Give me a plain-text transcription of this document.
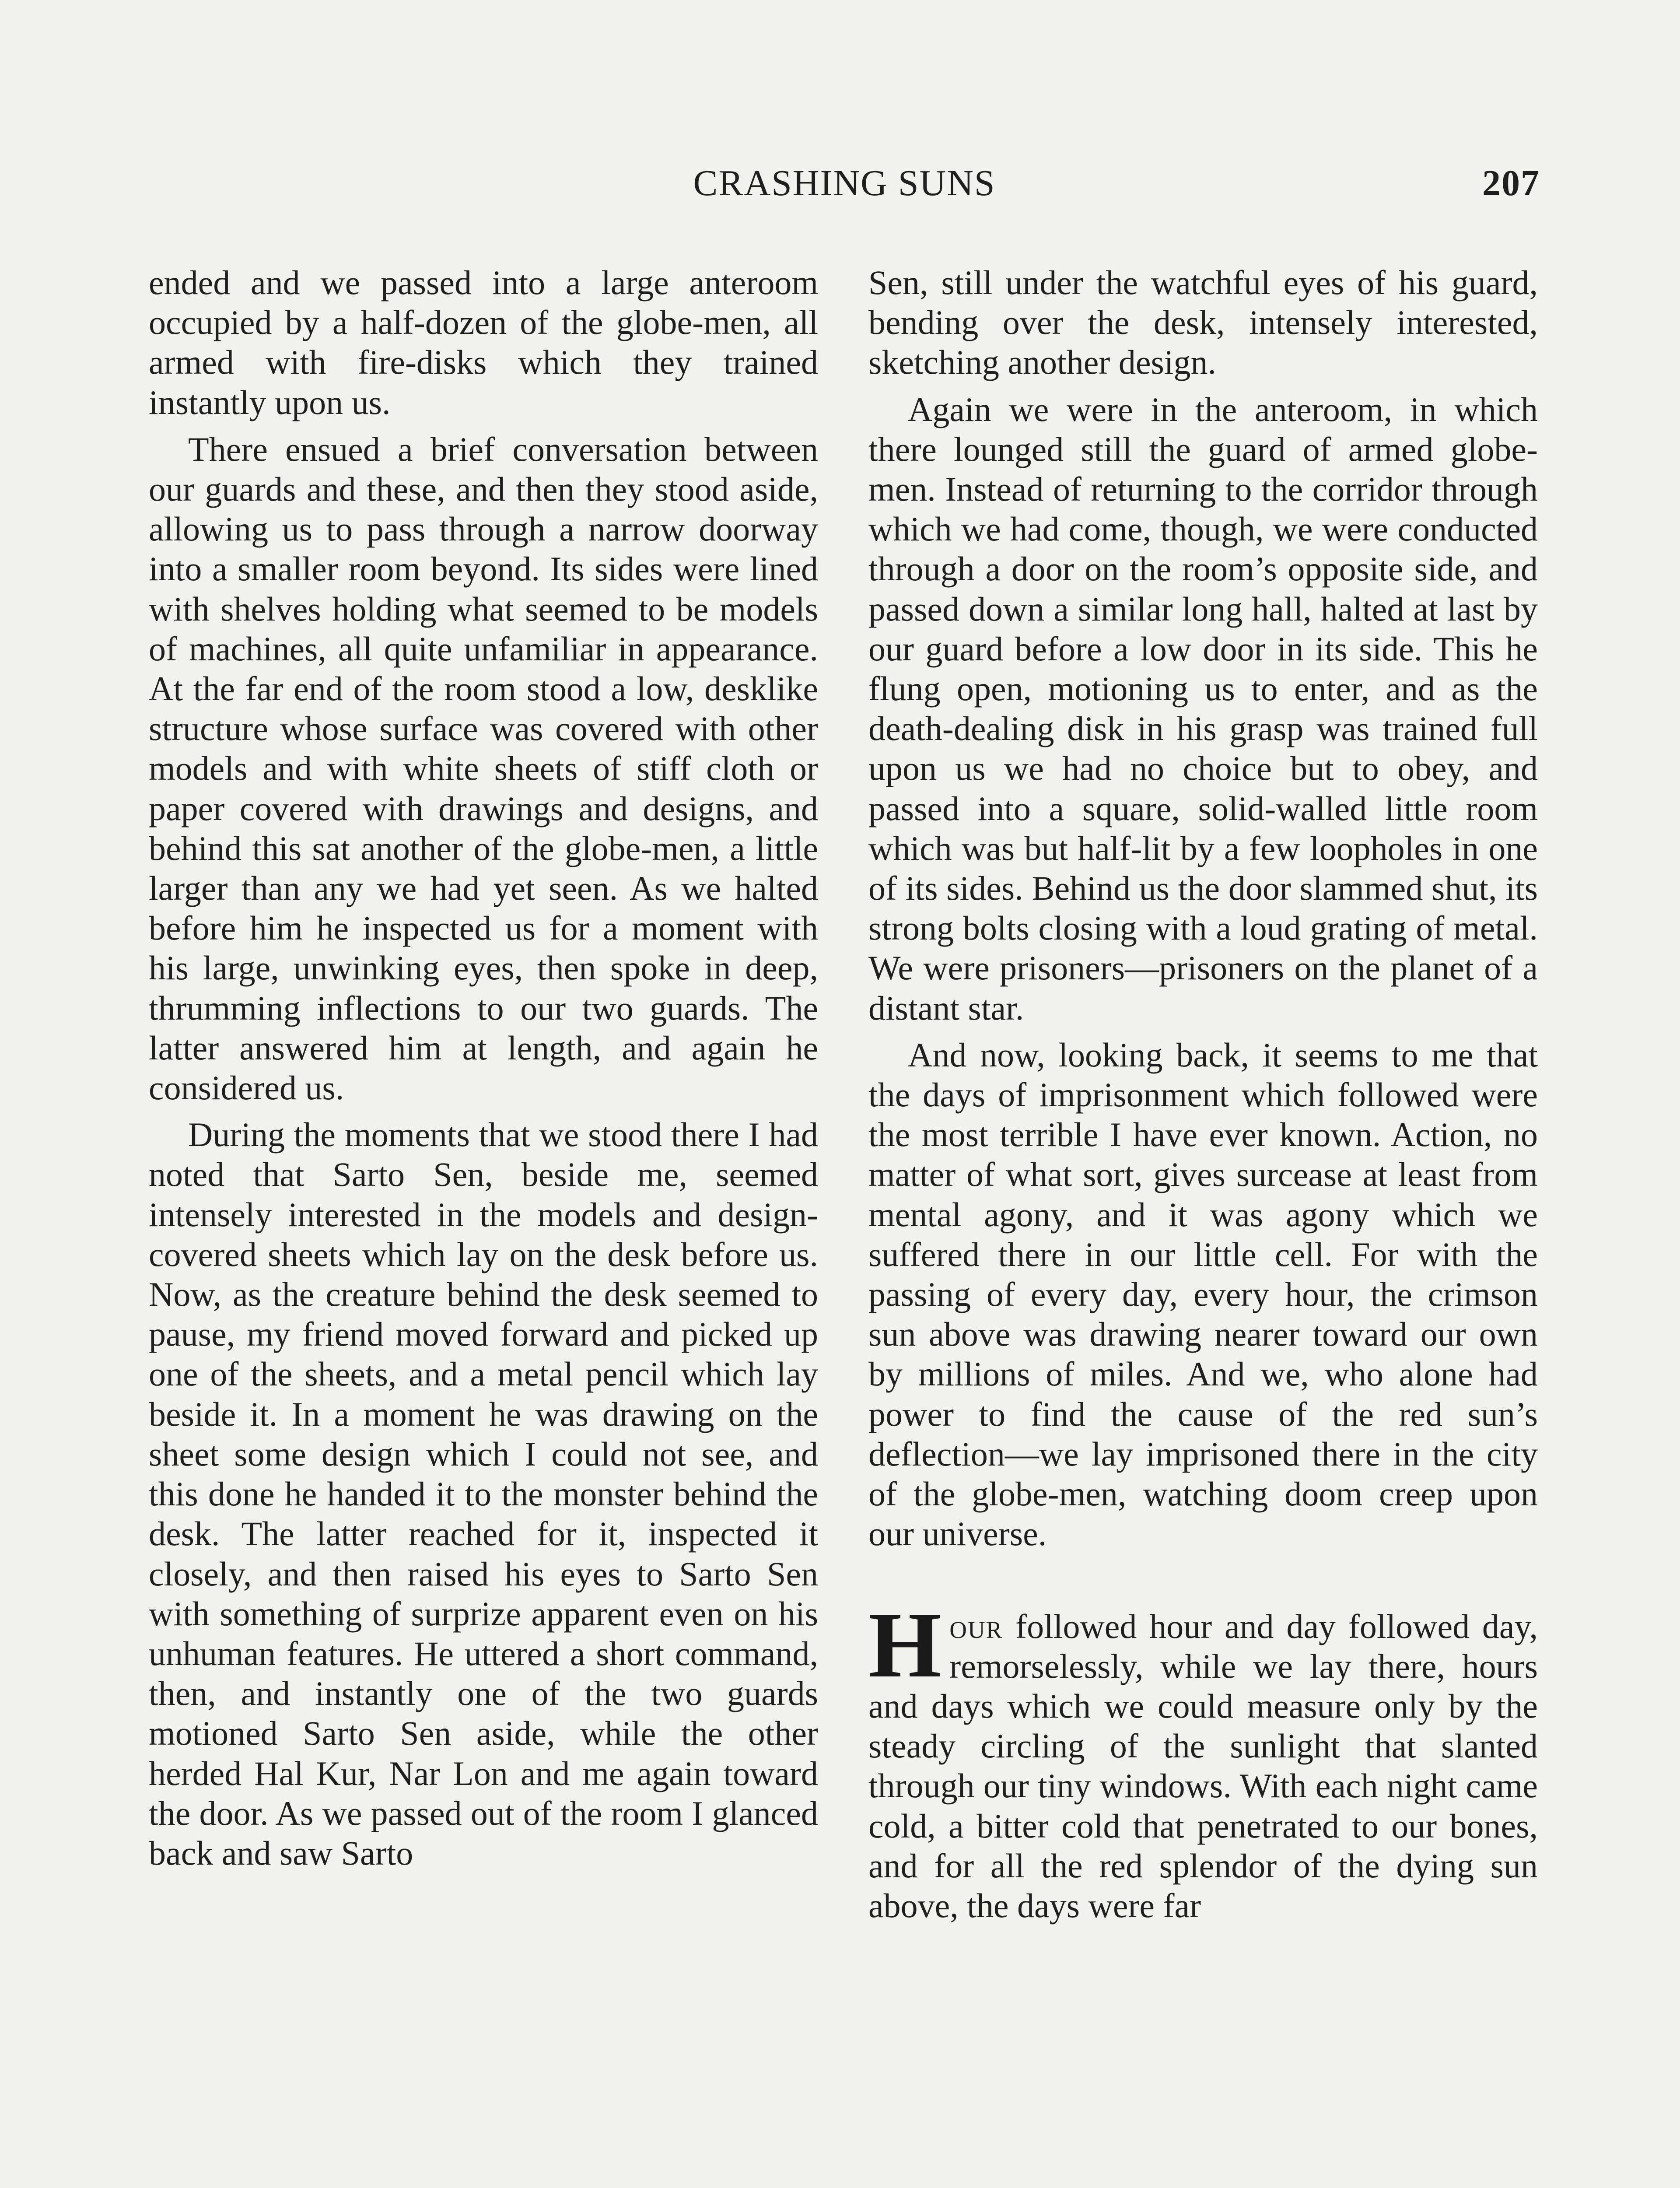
CRASHING SUNS	207

ended and we passed into a large anteroom occupied by a half-dozen of the globe-men, all armed with fire-disks which they trained instantly upon us.

There ensued a brief conversation between our guards and these, and then they stood aside, allowing us to pass through a narrow doorway into a smaller room beyond. Its sides were lined with shelves holding what seemed to be models of machines, all quite unfamiliar in appearance. At the far end of the room stood a low, desklike structure whose surface was covered with other models and with white sheets of stiff cloth or paper covered with drawings and designs, and behind this sat another of the globe-men, a little larger than any we had yet seen. As we halted before him he inspected us for a moment with his large, unwinking eyes, then spoke in deep, thrumming inflections to our two guards. The latter answered him at length, and again he considered us.

During the moments that we stood there I had noted that Sarto Sen, beside me, seemed intensely interested in the models and design-covered sheets which lay on the desk before us. Now, as the creature behind the desk seemed to pause, my friend moved forward and picked up one of the sheets, and a metal pencil which lay beside it. In a moment he was drawing on the sheet some design which I could not see, and this done he handed it to the monster behind the desk. The latter reached for it, inspected it closely, and then raised his eyes to Sarto Sen with something of surprize apparent even on his unhuman features. He uttered a short command, then, and instantly one of the two guards motioned Sarto Sen aside, while the other herded Hal Kur, Nar Lon and me again toward the door. As we passed out of the room I glanced back and saw Sarto

Sen, still under the watchful eyes of his guard, bending over the desk, intensely interested, sketching another design.

Again we were in the anteroom, in which there lounged still the guard of armed globe-men. Instead of returning to the corridor through which we had come, though, we were conducted through a door on the room’s opposite side, and passed down a similar long hall, halted at last by our guard before a low door in its side. This he flung open, motioning us to enter, and as the death-dealing disk in his grasp was trained full upon us we had no choice but to obey, and passed into a square, solid-walled little room which was but half-lit by a few loopholes in one of its sides. Behind us the door slammed shut, its strong bolts closing with a loud grating of metal. We were prisoners—prisoners on the planet of a distant star.

And now, looking back, it seems to me that the days of imprisonment which followed were the most terrible I have ever known. Action, no matter of what sort, gives surcease at least from mental agony, and it was agony which we suffered there in our little cell. For with the passing of every day, every hour, the crimson sun above was drawing nearer toward our own by millions of miles. And we, who alone had power to find the cause of the red sun’s deflection—we lay imprisoned there in the city of the globe-men, watching doom creep upon our universe.

Hour followed hour and day followed day, remorselessly, while we lay there, hours and days which we could measure only by the steady circling of the sunlight that slanted through our tiny windows. With each night came cold, a bitter cold that penetrated to our bones, and for all the red splendor of the dying sun above, the days were far
